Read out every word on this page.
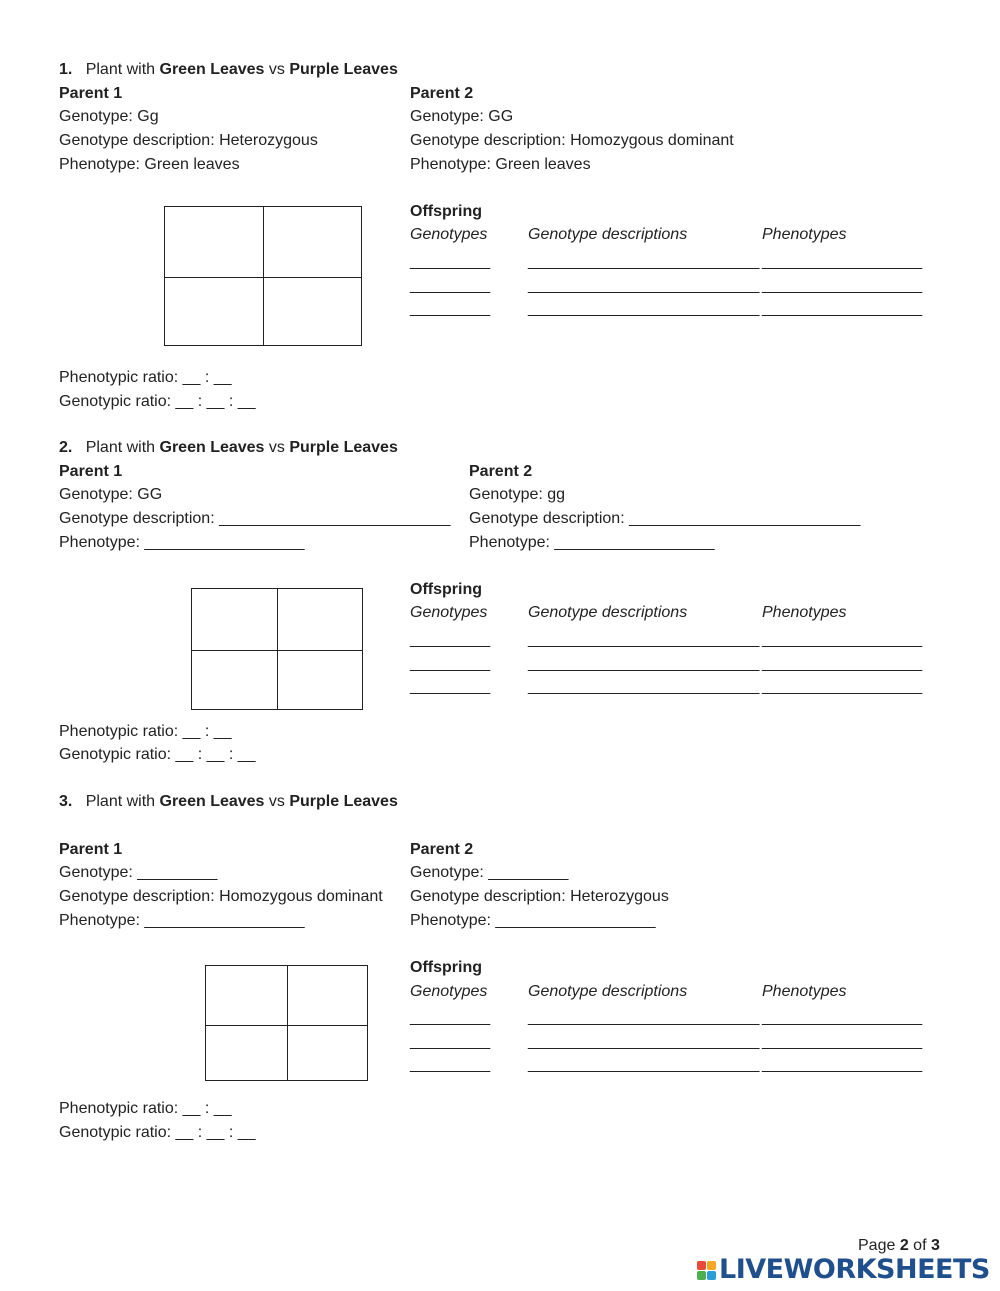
1. Plant with Green Leaves vs Purple Leaves
Parent 1
Genotype: Gg
Genotype description: Heterozygous
Phenotype: Green leaves
Parent 2
Genotype: GG
Genotype description: Homozygous dominant
Phenotype: Green leaves
Offspring
Genotypes	Genotype descriptions	Phenotypes
_________ __________________________ __________________
_________ __________________________ __________________
_________ __________________________ __________________
Phenotypic ratio: __ : __
Genotypic ratio: __ : __ : __
2. Plant with Green Leaves vs Purple Leaves
Parent 1
Genotype: GG
Genotype description: __________________________
Phenotype: __________________
Parent 2
Genotype: gg
Genotype description: __________________________
Phenotype: __________________
Offspring
Genotypes	Genotype descriptions	Phenotypes
_________ __________________________ __________________
_________ __________________________ __________________
_________ __________________________ __________________
Phenotypic ratio: __ : __
Genotypic ratio: __ : __ : __
3. Plant with Green Leaves vs Purple Leaves
Parent 1
Genotype: _________
Genotype description: Homozygous dominant
Phenotype: __________________
Parent 2
Genotype: _________
Genotype description: Heterozygous
Phenotype: __________________
Offspring
Genotypes	Genotype descriptions	Phenotypes
_________ __________________________ __________________
_________ __________________________ __________________
_________ __________________________ __________________
Phenotypic ratio: __ : __
Genotypic ratio: __ : __ : __
Page 2 of 3
LIVEWORKSHEETS
